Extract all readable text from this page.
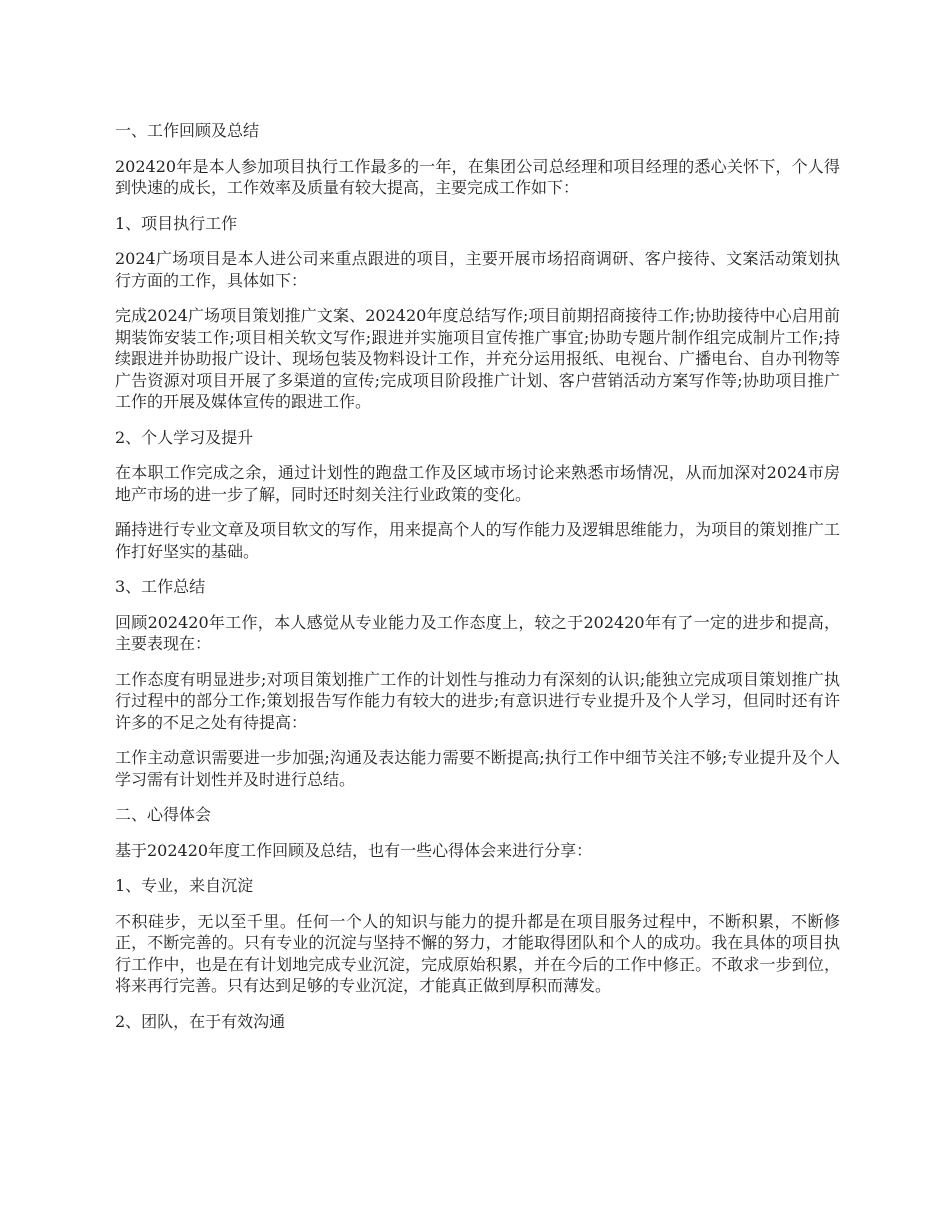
一、工作回顾及总结

202420年是本人参加项目执行工作最多的一年，在集团公司总经理和项目经理的悉心关怀下，个人得到快速的成长，工作效率及质量有较大提高，主要完成工作如下：

1、项目执行工作

2024广场项目是本人进公司来重点跟进的项目，主要开展市场招商调研、客户接待、文案活动策划执行方面的工作，具体如下：

完成2024广场项目策划推广文案、202420年度总结写作;项目前期招商接待工作;协助接待中心启用前期装饰安装工作;项目相关软文写作;跟进并实施项目宣传推广事宜;协助专题片制作组完成制片工作;持续跟进并协助报广设计、现场包装及物料设计工作，并充分运用报纸、电视台、广播电台、自办刊物等广告资源对项目开展了多渠道的宣传;完成项目阶段推广计划、客户营销活动方案写作等;协助项目推广工作的开展及媒体宣传的跟进工作。

2、个人学习及提升

在本职工作完成之余，通过计划性的跑盘工作及区域市场讨论来熟悉市场情况，从而加深对2024市房地产市场的进一步了解，同时还时刻关注行业政策的变化。

踊持进行专业文章及项目软文的写作，用来提高个人的写作能力及逻辑思维能力，为项目的策划推广工作打好坚实的基础。

3、工作总结

回顾202420年工作，本人感觉从专业能力及工作态度上，较之于202420年有了一定的进步和提高，主要表现在：

工作态度有明显进步;对项目策划推广工作的计划性与推动力有深刻的认识;能独立完成项目策划推广执行过程中的部分工作;策划报告写作能力有较大的进步;有意识进行专业提升及个人学习，但同时还有许许多的不足之处有待提高：

工作主动意识需要进一步加强;沟通及表达能力需要不断提高;执行工作中细节关注不够;专业提升及个人学习需有计划性并及时进行总结。

二、心得体会

基于202420年度工作回顾及总结，也有一些心得体会来进行分享：

1、专业，来自沉淀

不积硅步，无以至千里。任何一个人的知识与能力的提升都是在项目服务过程中，不断积累，不断修正，不断完善的。只有专业的沉淀与坚持不懈的努力，才能取得团队和个人的成功。我在具体的项目执行工作中，也是在有计划地完成专业沉淀，完成原始积累，并在今后的工作中修正。不敢求一步到位，将来再行完善。只有达到足够的专业沉淀，才能真正做到厚积而薄发。

2、团队，在于有效沟通
